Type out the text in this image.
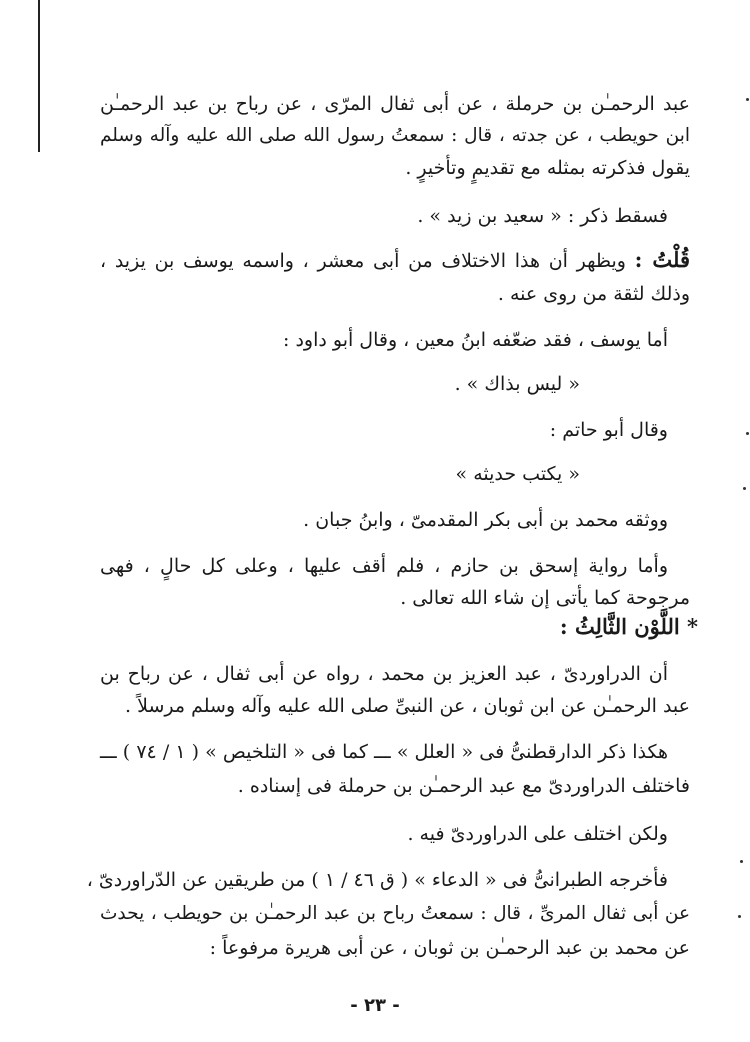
عبد الرحمـٰن بن حرملة ، عن أبى ثفال المرّى ، عن رباح بن عبد الرحمـٰن
ابن حويطب ، عن جدته ، قال : سمعتُ رسول الله صلى الله عليه وآله وسلم
يقول فذكرته بمثله مع تقديمٍ وتأخيرٍ .
فسقط ذكر : « سعيد بن زيد » .
قُلْتُ : ويظهر أن هذا الاختلاف من أبى معشر ، واسمه يوسف بن يزيد ،
وذلك لثقة من روى عنه .
أما يوسف ، فقد ضعّفه ابنُ معين ، وقال أبو داود :
« ليس بذاك » .
وقال أبو حاتم :
« يكتب حديثه »
ووثقه محمد بن أبى بكر المقدمىّ ، وابنُ جبان .
وأما رواية إسحق بن حازم ، فلم أقف عليها ، وعلى كل حالٍ ، فهى
مرجوحة كما يأتى إن شاء الله تعالى .
* اللَّوْن الثَّالِثُ :
أن الدراوردىّ ، عبد العزيز بن محمد ، رواه عن أبى ثفال ، عن رباح بن
عبد الرحمـٰن عن ابن ثوبان ، عن النبىِّ صلى الله عليه وآله وسلم مرسلاً .
هكذا ذكر الدارقطنىُّ فى « العلل » ـــ كما فى « التلخيص » ( ١ / ٧٤ ) ـــ
فاختلف الدراوردىّ مع عبد الرحمـٰن بن حرملة فى إسناده .
ولكن اختلف على الدراوردىّ فيه .
فأخرجه الطبرانىُّ فى « الدعاء » ( ق ٤٦ / ١ ) من طريقين عن الدّراوردىّ ،
عن أبى ثفال المرىِّ ، قال : سمعتُ رباح بن عبد الرحمـٰن بن حويطب ، يحدث
عن محمد بن عبد الرحمـٰن بن ثوبان ، عن أبى هريرة مرفوعاً :
- ٢٣ -
